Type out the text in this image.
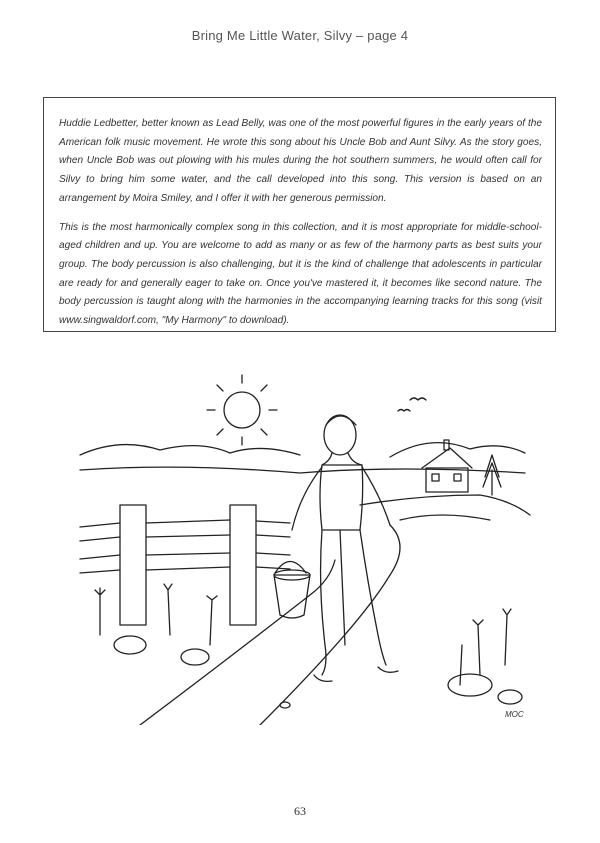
Bring Me Little Water, Silvy – page 4

Huddie Ledbetter, better known as Lead Belly, was one of the most powerful figures in the early years of the American folk music movement. He wrote this song about his Uncle Bob and Aunt Silvy. As the story goes, when Uncle Bob was out plowing with his mules during the hot southern summers, he would often call for Silvy to bring him some water, and the call developed into this song. This version is based on an arrangement by Moira Smiley, and I offer it with her generous permission.

This is the most harmonically complex song in this collection, and it is most appropriate for middle-school-aged children and up. You are welcome to add as many or as few of the harmony parts as best suits your group. The body percussion is also challenging, but it is the kind of challenge that adolescents in particular are ready for and generally eager to take on. Once you've mastered it, it becomes like second nature. The body percussion is taught along with the harmonies in the accompanying learning tracks for this song (visit www.singwaldorf.com, "My Harmony" to download).

MOC
63
